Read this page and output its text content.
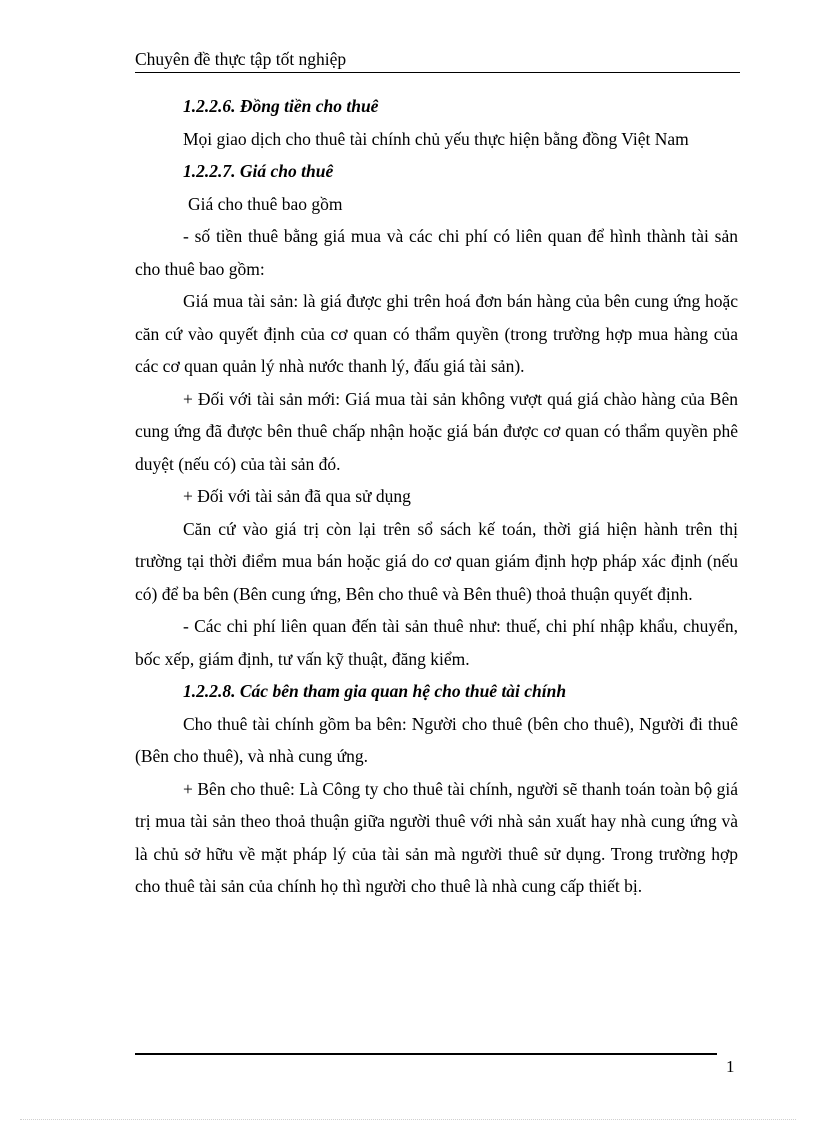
Chuyên đề thực tập tốt nghiệp

1.2.2.6. Đồng tiền cho thuê

Mọi giao dịch cho thuê tài chính chủ yếu thực hiện bằng đồng Việt Nam

1.2.2.7. Giá cho thuê

Giá cho thuê bao gồm

- số tiền thuê bằng giá mua và các chi phí có liên quan để hình thành tài sản cho thuê bao gồm:

Giá mua tài sản: là giá được ghi trên hoá đơn bán hàng của bên cung ứng hoặc căn cứ vào quyết định của cơ quan có thẩm quyền (trong trường hợp mua hàng của các cơ quan quản lý nhà nước thanh lý, đấu giá tài sản).

+ Đối với tài sản mới: Giá mua tài sản không vượt quá giá chào hàng của Bên cung ứng đã được bên thuê chấp nhận hoặc giá bán được cơ quan có thẩm quyền phê duyệt (nếu có) của tài sản đó.

+ Đối với tài sản đã qua sử dụng

Căn cứ vào giá trị còn lại trên sổ sách kế toán, thời giá hiện hành trên thị trường tại thời điểm mua bán hoặc giá do cơ quan giám định hợp pháp xác định (nếu có) để ba bên (Bên cung ứng, Bên cho thuê và Bên thuê) thoả thuận quyết định.

- Các chi phí liên quan đến tài sản thuê như: thuế, chi phí nhập khẩu, chuyển, bốc xếp, giám định, tư vấn kỹ thuật, đăng kiểm.

1.2.2.8. Các bên tham gia quan hệ cho thuê tài chính

Cho thuê tài chính gồm ba bên: Người cho thuê (bên cho thuê), Người đi thuê (Bên cho thuê), và nhà cung ứng.

+ Bên cho thuê: Là Công ty cho thuê tài chính, người sẽ thanh toán toàn bộ giá trị mua tài sản theo thoả thuận giữa người thuê với nhà sản xuất hay nhà cung ứng và là chủ sở hữu về mặt pháp lý của tài sản mà người thuê sử dụng. Trong trường hợp cho thuê tài sản của chính họ thì người cho thuê là nhà cung cấp thiết bị.

1
